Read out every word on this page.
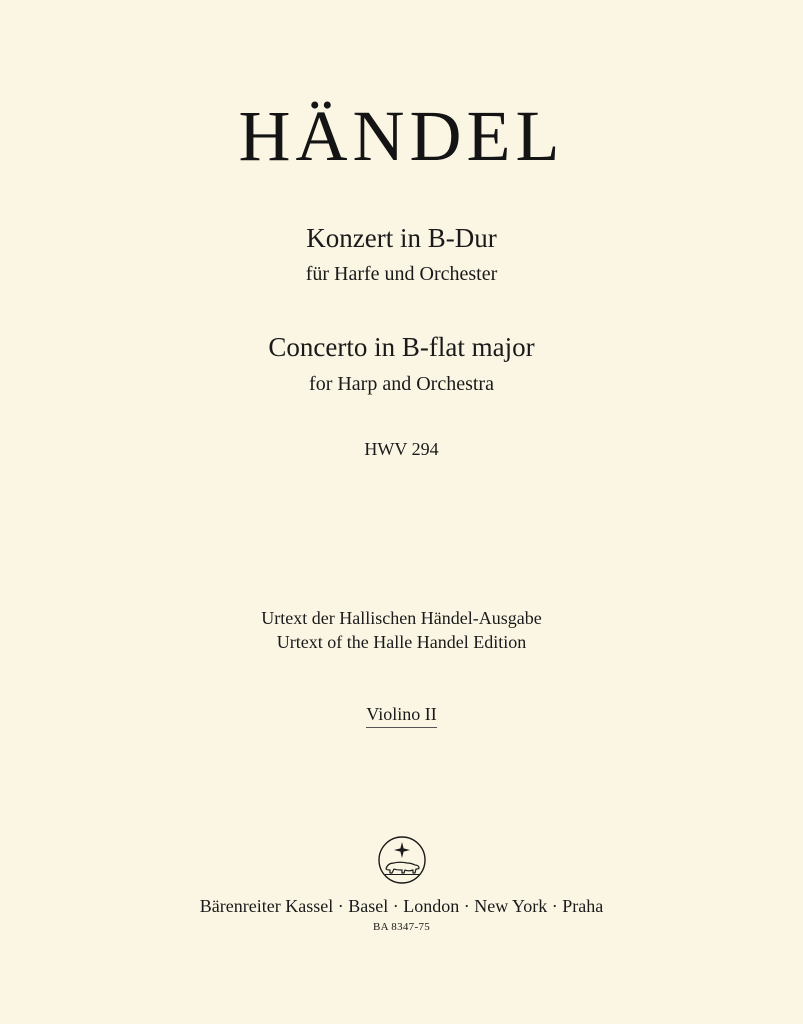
HÄNDEL
Konzert in B-Dur
für Harfe und Orchester
Concerto in B-flat major
for Harp and Orchestra
HWV 294
Urtext der Hallischen Händel-Ausgabe
Urtext of the Halle Handel Edition
Violino II
Bärenreiter Kassel · Basel · London · New York · Praha
BA 8347-75
